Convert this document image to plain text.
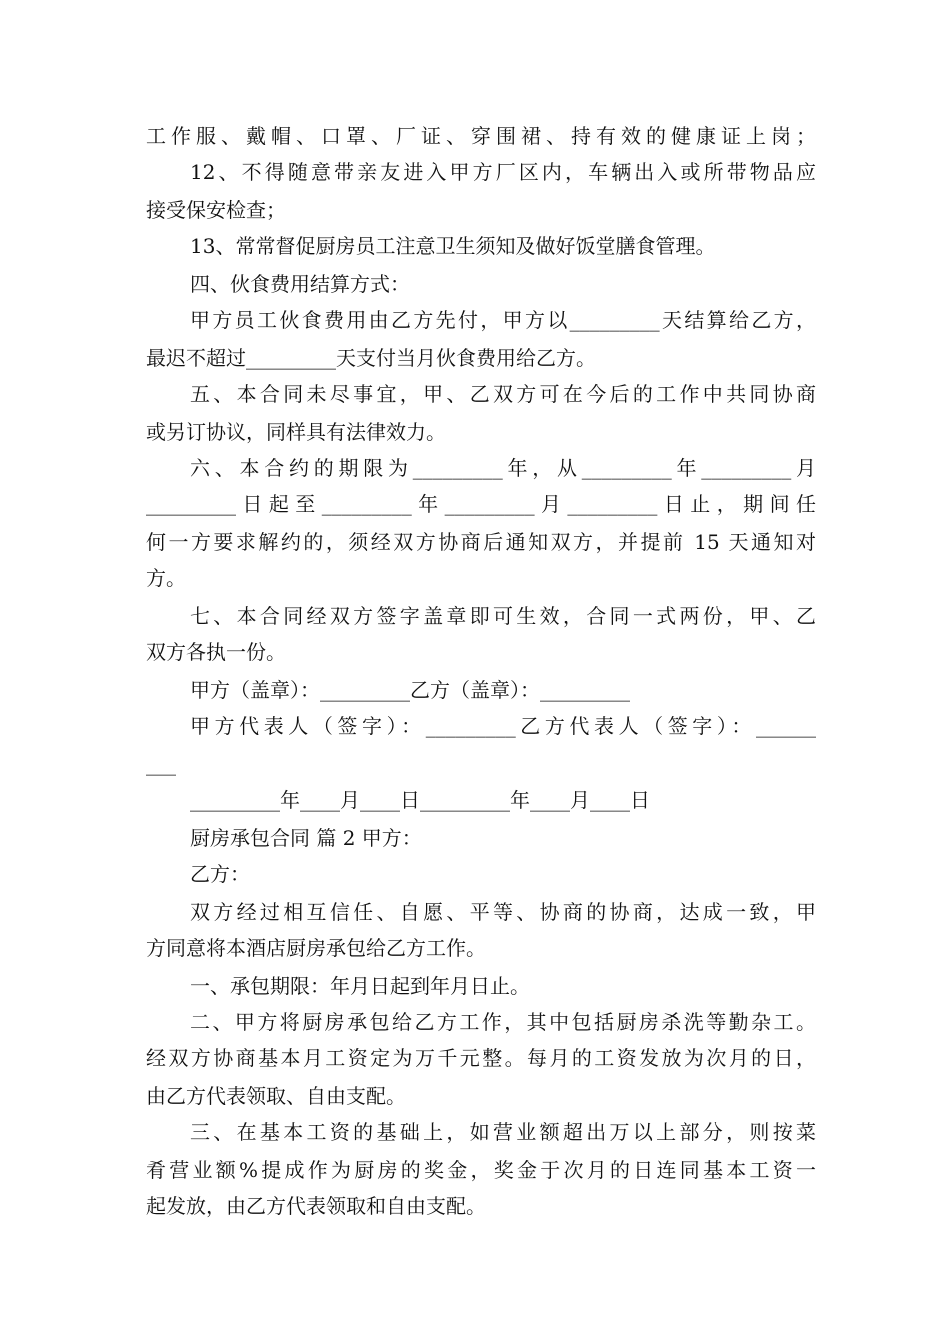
工作服、戴帽、口罩、厂证、穿围裙、持有效的健康证上岗；
12、不得随意带亲友进入甲方厂区内，车辆出入或所带物品应
接受保安检查；
13、常常督促厨房员工注意卫生须知及做好饭堂膳食管理。
四、伙食费用结算方式：
甲方员工伙食费用由乙方先付，甲方以_________天结算给乙方，
最迟不超过_________天支付当月伙食费用给乙方。
五、本合同未尽事宜，甲、乙双方可在今后的工作中共同协商
或另订协议，同样具有法律效力。
六、本合约的期限为_________年，从_________年_________月
_________日起至_________年_________月_________日止，期间任
何一方要求解约的，须经双方协商后通知双方，并提前 15 天通知对
方。
七、本合同经双方签字盖章即可生效，合同一式两份，甲、乙
双方各执一份。
甲方（盖章）：_________乙方（盖章）：_________
甲方代表人（签字）：_________乙方代表人（签字）：______
___
_________年____月____日_________年____月____日
厨房承包合同 篇 2 甲方：
乙方：
双方经过相互信任、自愿、平等、协商的协商，达成一致，甲
方同意将本酒店厨房承包给乙方工作。
一、承包期限：年月日起到年月日止。
二、甲方将厨房承包给乙方工作，其中包括厨房杀洗等勤杂工。
经双方协商基本月工资定为万千元整。每月的工资发放为次月的日，
由乙方代表领取、自由支配。
三、在基本工资的基础上，如营业额超出万以上部分，则按菜
肴营业额%提成作为厨房的奖金，奖金于次月的日连同基本工资一
起发放，由乙方代表领取和自由支配。
